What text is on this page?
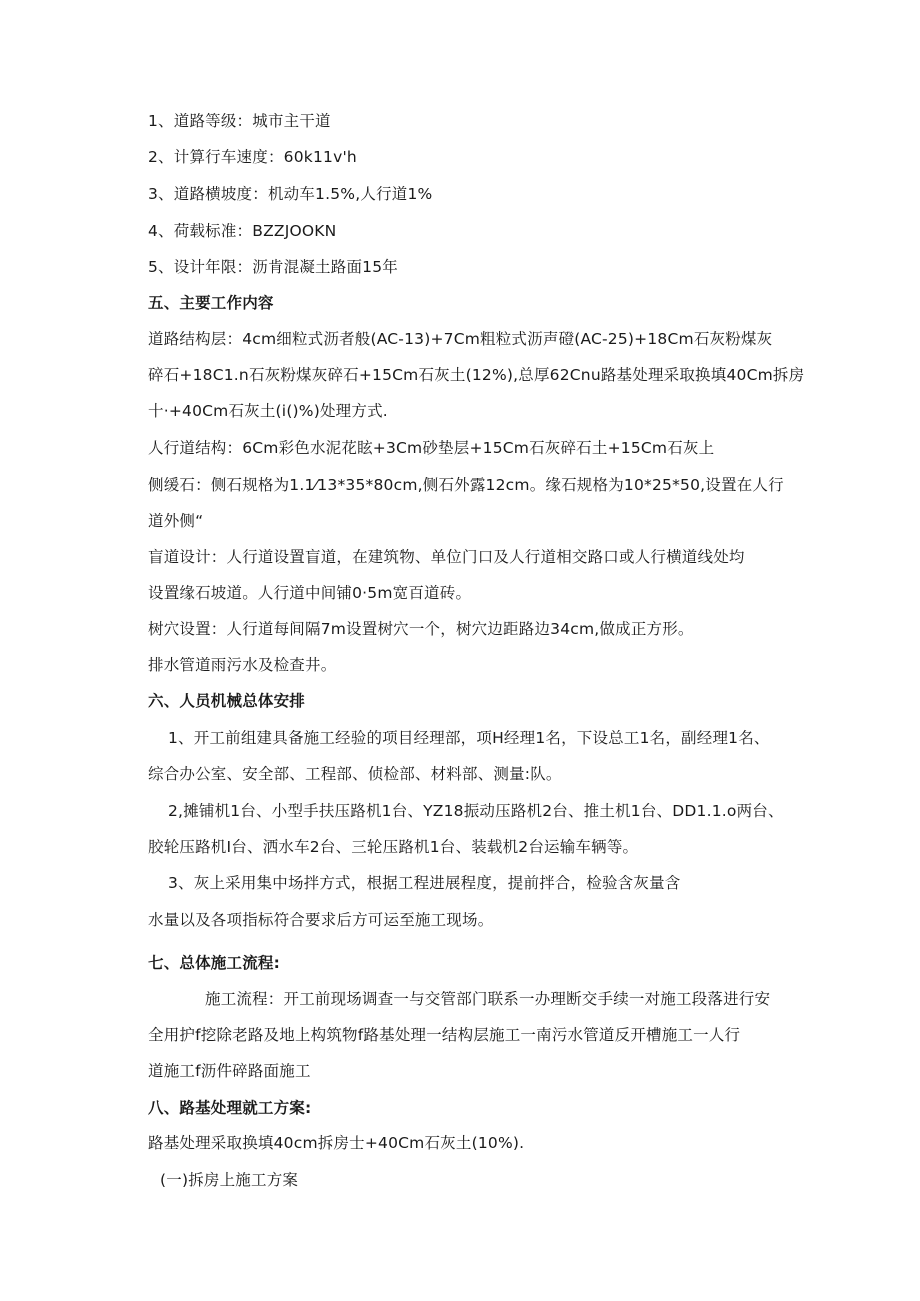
1、道路等级：城市主干道
2、计算行车速度：60k11v'h
3、道路横坡度：机动车1.5%,人行道1%
4、荷载标准：BZZJOOKN
5、设计年限：沥肯混凝土路面15年
五、主要工作内容
道路结构层：4cm细粒式沥者般(AC-13)+7Cm粗粒式沥声磴(AC-25)+18Cm石灰粉煤灰
碎石+18C1.n石灰粉煤灰碎石+15Cm石灰土(12%),总厚62Cnu路基处理采取换填40Cm拆房
十·+40Cm石灰土(i()%)处理方式.
人行道结构：6Cm彩色水泥花眩+3Cm砂垫层+15Cm石灰碎石土+15Cm石灰上
侧缓石：侧石规格为1.1⁄13*35*80cm,侧石外露12cm。缘石规格为10*25*50,设置在人行
道外侧“
盲道设计：人行道设置盲道，在建筑物、单位门口及人行道相交路口或人行横道线处均
设置缘石坡道。人行道中间铺0·5m宽百道砖。
树穴设置：人行道每间隔7m设置树穴一个，树穴边距路边34cm,做成正方形。
排水管道雨污水及检查井。
六、人员机械总体安排
1、开工前组建具备施工经验的项目经理部，项H经理1名，下设总工1名，副经理1名、
综合办公室、安全部、工程部、侦检部、材料部、测量:队。
2,摊铺机1台、小型手扶压路机1台、YZ18振动压路机2台、推土机1台、DD1.1.o两台、
胶轮压路机I台、洒水车2台、三轮压路机1台、装载机2台运输车辆等。
3、灰上采用集中场拌方式，根据工程进展程度，提前拌合，检验含灰量含
水量以及各项指标符合要求后方可运至施工现场。
七、总体施工流程:
施工流程：开工前现场调查一与交管部门联系一办理断交手续一对施工段落进行安
全用护f挖除老路及地上构筑物f路基处理一结构层施工一南污水管道反开槽施工一人行
道施工f沥件碎路面施工
八、路基处理就工方案:
路基处理采取换填40cm拆房士+40Cm石灰土(10%).
(一)拆房上施工方案
